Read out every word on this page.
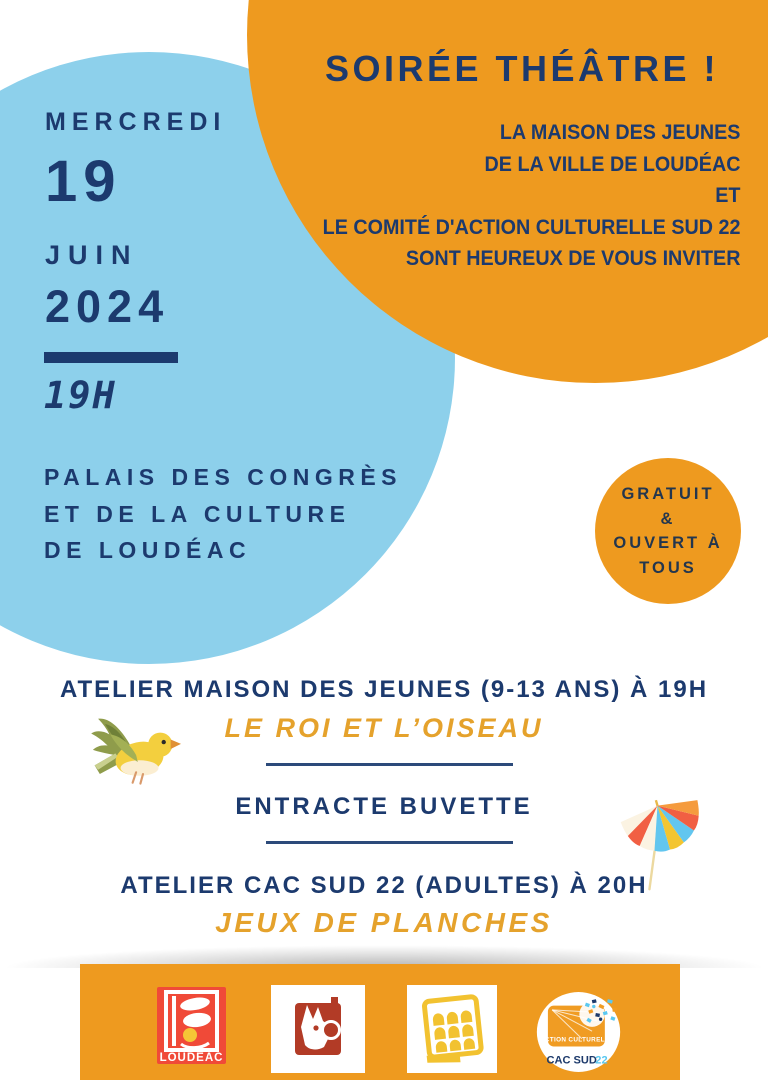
MERCREDI
19
JUIN
2024
19H
PALAIS DES CONGRÈS
ET DE LA CULTURE
DE LOUDÉAC
SOIRÉE THÉÂTRE !
LA MAISON DES JEUNES
DE LA VILLE DE LOUDÉAC
ET
LE COMITÉ D'ACTION CULTURELLE SUD 22
SONT HEUREUX DE VOUS INVITER
GRATUIT
&
OUVERT À
TOUS
ATELIER MAISON DES JEUNES (9-13 ANS) À 19H
LE ROI ET L’OISEAU
ENTRACTE BUVETTE
ATELIER CAC SUD 22 (ADULTES) À 20H
JEUX DE PLANCHES
LOUDÉAC
ACTION CULTURELLE
CAC SUD
22
